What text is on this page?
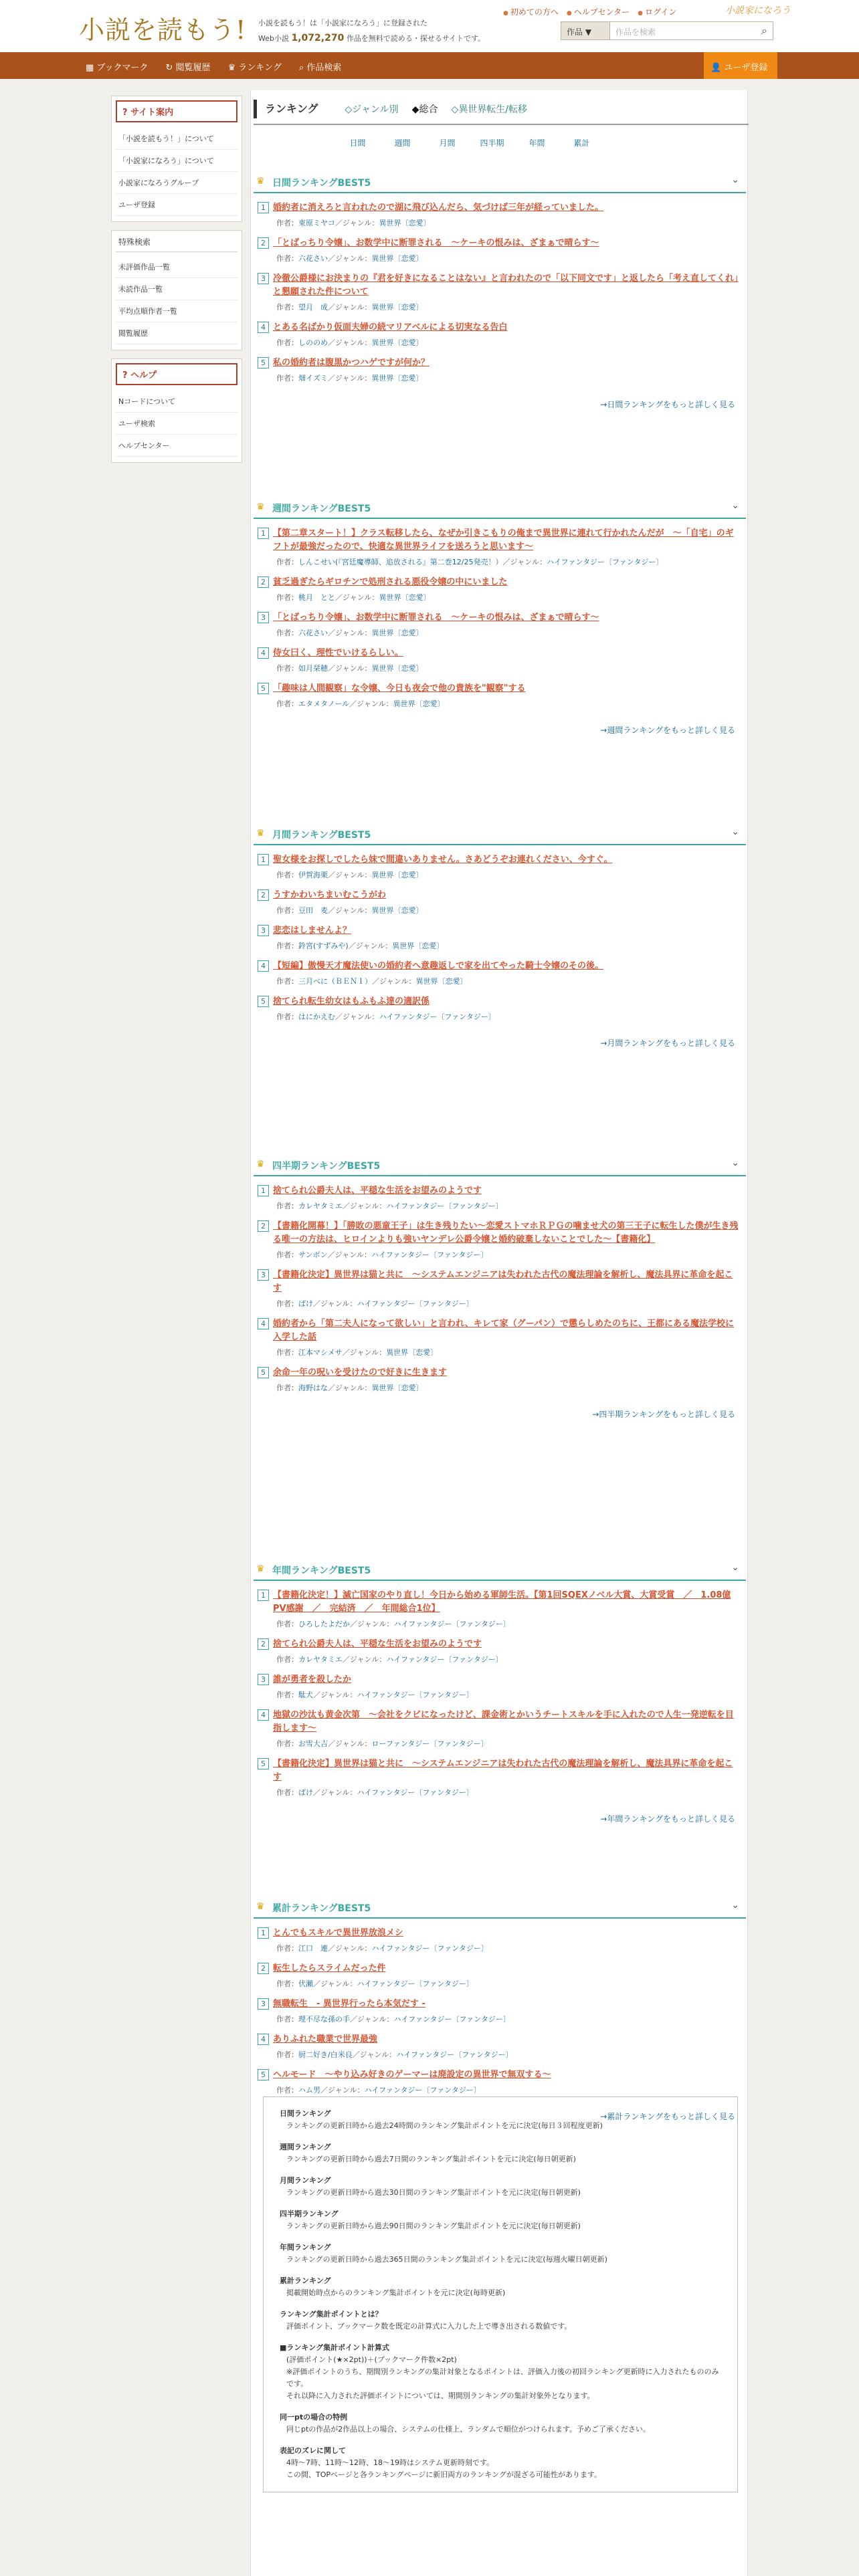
小説を読もう! 小説を読もう！は「小説家になろう」に登録された
Web小説 1,072,270 作品を無料で読める・探せるサイトです。
● 初めての方へ	● ヘルプセンター	● ログイン	小説家になろう
作品 ▼	作品を検索 ⌕
▦ ブックマーク ↻ 閲覧履歴 ♛ ランキング ⌕ 作品検索	👤 ユーザ登録
? サイト案内
「小説を読もう！」について
「小説家になろう」について
小説家になろうグループ
ユーザ登録
特殊検索
未評価作品一覧
未読作品一覧
平均点順作者一覧
閲覧履歴
? ヘルプ
Nコードについて
ユーザ検索
ヘルプセンター
ランキング	◇ジャンル別	◆総合	◇異世界転生/転移
日間	週間	月間	四半期	年間	累計
♛ 日間ランキングBEST5	⌄
1 婚約者に消えろと言われたので湖に飛び込んだら、気づけば三年が経っていました。
作者：束原ミヤコ／ジャンル：異世界〔恋愛〕
2 「とばっちり令嬢」、お数学中に断罪される　～ケーキの恨みは、ざまぁで晴らす～
作者：六花さい／ジャンル：異世界〔恋愛〕
3 冷徹公爵様にお決まりの『君を好きになることはない』と言われたので「以下同文です」と返したら「考え直してくれ」と懇願された件について
作者：望月　成／ジャンル：異世界〔恋愛〕
4 とある名ばかり仮面夫婦の続マリアベルによる切実なる告白
作者：しののめ／ジャンル：異世界〔恋愛〕
5 私の婚約者は腹黒かつハゲですが何か？
作者：畑イズミ／ジャンル：異世界〔恋愛〕
→日間ランキングをもっと詳しく見る
♛ 週間ランキングBEST5	⌄
1 【第二章スタート！】クラス転移したら、なぜか引きこもりの俺まで異世界に連れて行かれたんだが　～「自宅」のギフトが最強だったので、快適な異世界ライフを送ろうと思います～
作者：しんこせい(『宮廷魔導師、追放される』第二巻12/25発売！）／ジャンル：ハイファンタジー〔ファンタジー〕
2 貧乏過ぎたらギロチンで処刑される悪役令嬢の中にいました
作者：桃月　とと／ジャンル：異世界〔恋愛〕
3 「とばっちり令嬢」、お数学中に断罪される　～ケーキの恨みは、ざまぁで晴らす～
作者：六花さい／ジャンル：異世界〔恋愛〕
4 侍女曰く、理性でいけるらしい。
作者：如月栞穂／ジャンル：異世界〔恋愛〕
5 「趣味は人間観察」な令嬢、今日も夜会で他の貴族を"観察"する
作者：エタメタノール／ジャンル：異世界〔恋愛〕
→週間ランキングをもっと詳しく見る
♛ 月間ランキングBEST5	⌄
1 聖女様をお探しでしたら妹で間違いありません。さあどうぞお連れください、今すぐ。
作者：伊賀海栗／ジャンル：異世界〔恋愛〕
2 うすかわいちまいむこうがわ
作者：豆田　麦／ジャンル：異世界〔恋愛〕
3 悲恋はしませんよ？
作者：鈴宮(すずみや)／ジャンル：異世界〔恋愛〕
4 【短編】傲慢天才魔法使いの婚約者へ意趣返しで家を出てやった騎士令嬢のその後。
作者：三月べに（ＢＥＮＩ）／ジャンル：異世界〔恋愛〕
5 捨てられ転生幼女はもふもふ達の適訳係
作者：はにかえむ／ジャンル：ハイファンタジー〔ファンタジー〕
→月間ランキングをもっと詳しく見る
♛ 四半期ランキングBEST5	⌄
1 捨てられ公爵夫人は、平穏な生活をお望みのようです
作者：カレヤタミエ／ジャンル：ハイファンタジー〔ファンタジー〕
2 【書籍化開幕！】「勝敗の悪童王子」は生き残りたい～恋愛ストマホＲＰＧの噛ませ犬の第三王子に転生した僕が生き残る唯一の方法は、ヒロインよりも強いヤンデレ公爵令嬢と婚約破棄しないことでした～【書籍化】
作者：サンボン／ジャンル：ハイファンタジー〔ファンタジー〕
3 【書籍化決定】異世界は猫と共に　～システムエンジニアは失われた古代の魔法理論を解析し、魔法具界に革命を起こす
作者：ぱけ／ジャンル：ハイファンタジー〔ファンタジー〕
4 婚約者から「第二夫人になって欲しい」と言われ、キレて家（グーパン）で懲らしめたのちに、王都にある魔法学校に入学した話
作者：江本マシメサ／ジャンル：異世界〔恋愛〕
5 余命一年の呪いを受けたので好きに生きます
作者：海野はな／ジャンル：異世界〔恋愛〕
→四半期ランキングをもっと詳しく見る
♛ 年間ランキングBEST5	⌄
1 【書籍化決定！】滅亡国家のやり直し！今日から始める軍師生活。【第1回SQEXノベル大賞、大賞受賞　／　1.08億PV感謝　／　完結済　／　年間総合1位】
作者：ひろしたよだか／ジャンル：ハイファンタジー〔ファンタジー〕
2 捨てられ公爵夫人は、平穏な生活をお望みのようです
作者：カレヤタミエ／ジャンル：ハイファンタジー〔ファンタジー〕
3 誰が勇者を殺したか
作者：駄犬／ジャンル：ハイファンタジー〔ファンタジー〕
4 地獄の沙汰も黄金次第　～会社をクビになったけど、課金術とかいうチートスキルを手に入れたので人生一発逆転を目指します～
作者：お雪大吉／ジャンル：ローファンタジー〔ファンタジー〕
5 【書籍化決定】異世界は猫と共に　～システムエンジニアは失われた古代の魔法理論を解析し、魔法具界に革命を起こす
作者：ぱけ／ジャンル：ハイファンタジー〔ファンタジー〕
→年間ランキングをもっと詳しく見る
♛ 累計ランキングBEST5	⌄
1 とんでもスキルで異世界放浪メシ
作者：江口　連／ジャンル：ハイファンタジー〔ファンタジー〕
2 転生したらスライムだった件
作者：伏瀬／ジャンル：ハイファンタジー〔ファンタジー〕
3 無職転生　- 異世界行ったら本気だす -
作者：理不尽な孫の手／ジャンル：ハイファンタジー〔ファンタジー〕
4 ありふれた職業で世界最強
作者：厨二好き/白米良／ジャンル：ハイファンタジー〔ファンタジー〕
5 ヘルモード　～やり込み好きのゲーマーは廃設定の異世界で無双する～
作者：ハム男／ジャンル：ハイファンタジー〔ファンタジー〕
→累計ランキングをもっと詳しく見る
日間ランキング
ランキングの更新日時から過去24時間のランキング集計ポイントを元に決定(毎日３回程度更新)
週間ランキング
ランキングの更新日時から過去7日間のランキング集計ポイントを元に決定(毎日朝更新)
月間ランキング
ランキングの更新日時から過去30日間のランキング集計ポイントを元に決定(毎日朝更新)
四半期ランキング
ランキングの更新日時から過去90日間のランキング集計ポイントを元に決定(毎日朝更新)
年間ランキング
ランキングの更新日時から過去365日間のランキング集計ポイントを元に決定(毎週火曜日朝更新)
累計ランキング
掲載開始時点からのランキング集計ポイントを元に決定(毎時更新)
ランキング集計ポイントとは？
評価ポイント、ブックマーク数を既定の計算式に入力した上で導き出される数値です。
■ランキング集計ポイント計算式
(評価ポイント(★×2pt))＋(ブックマーク件数×2pt)
※評価ポイントのうち、期間別ランキングの集計対象となるポイントは、評価入力後の初回ランキング更新時に入力されたもののみです。
それ以降に入力された評価ポイントについては、期間別ランキングの集計対象外となります。
同一ptの場合の特例
同じptの作品が2作品以上の場合、システムの仕様上、ランダムで順位がつけられます。予めご了承ください。
表記のズレに関して
4時〜7時、11時〜12時、18〜19時はシステム更新時刻です。
この間、TOPページと各ランキングページに新旧両方のランキングが混ざる可能性があります。
